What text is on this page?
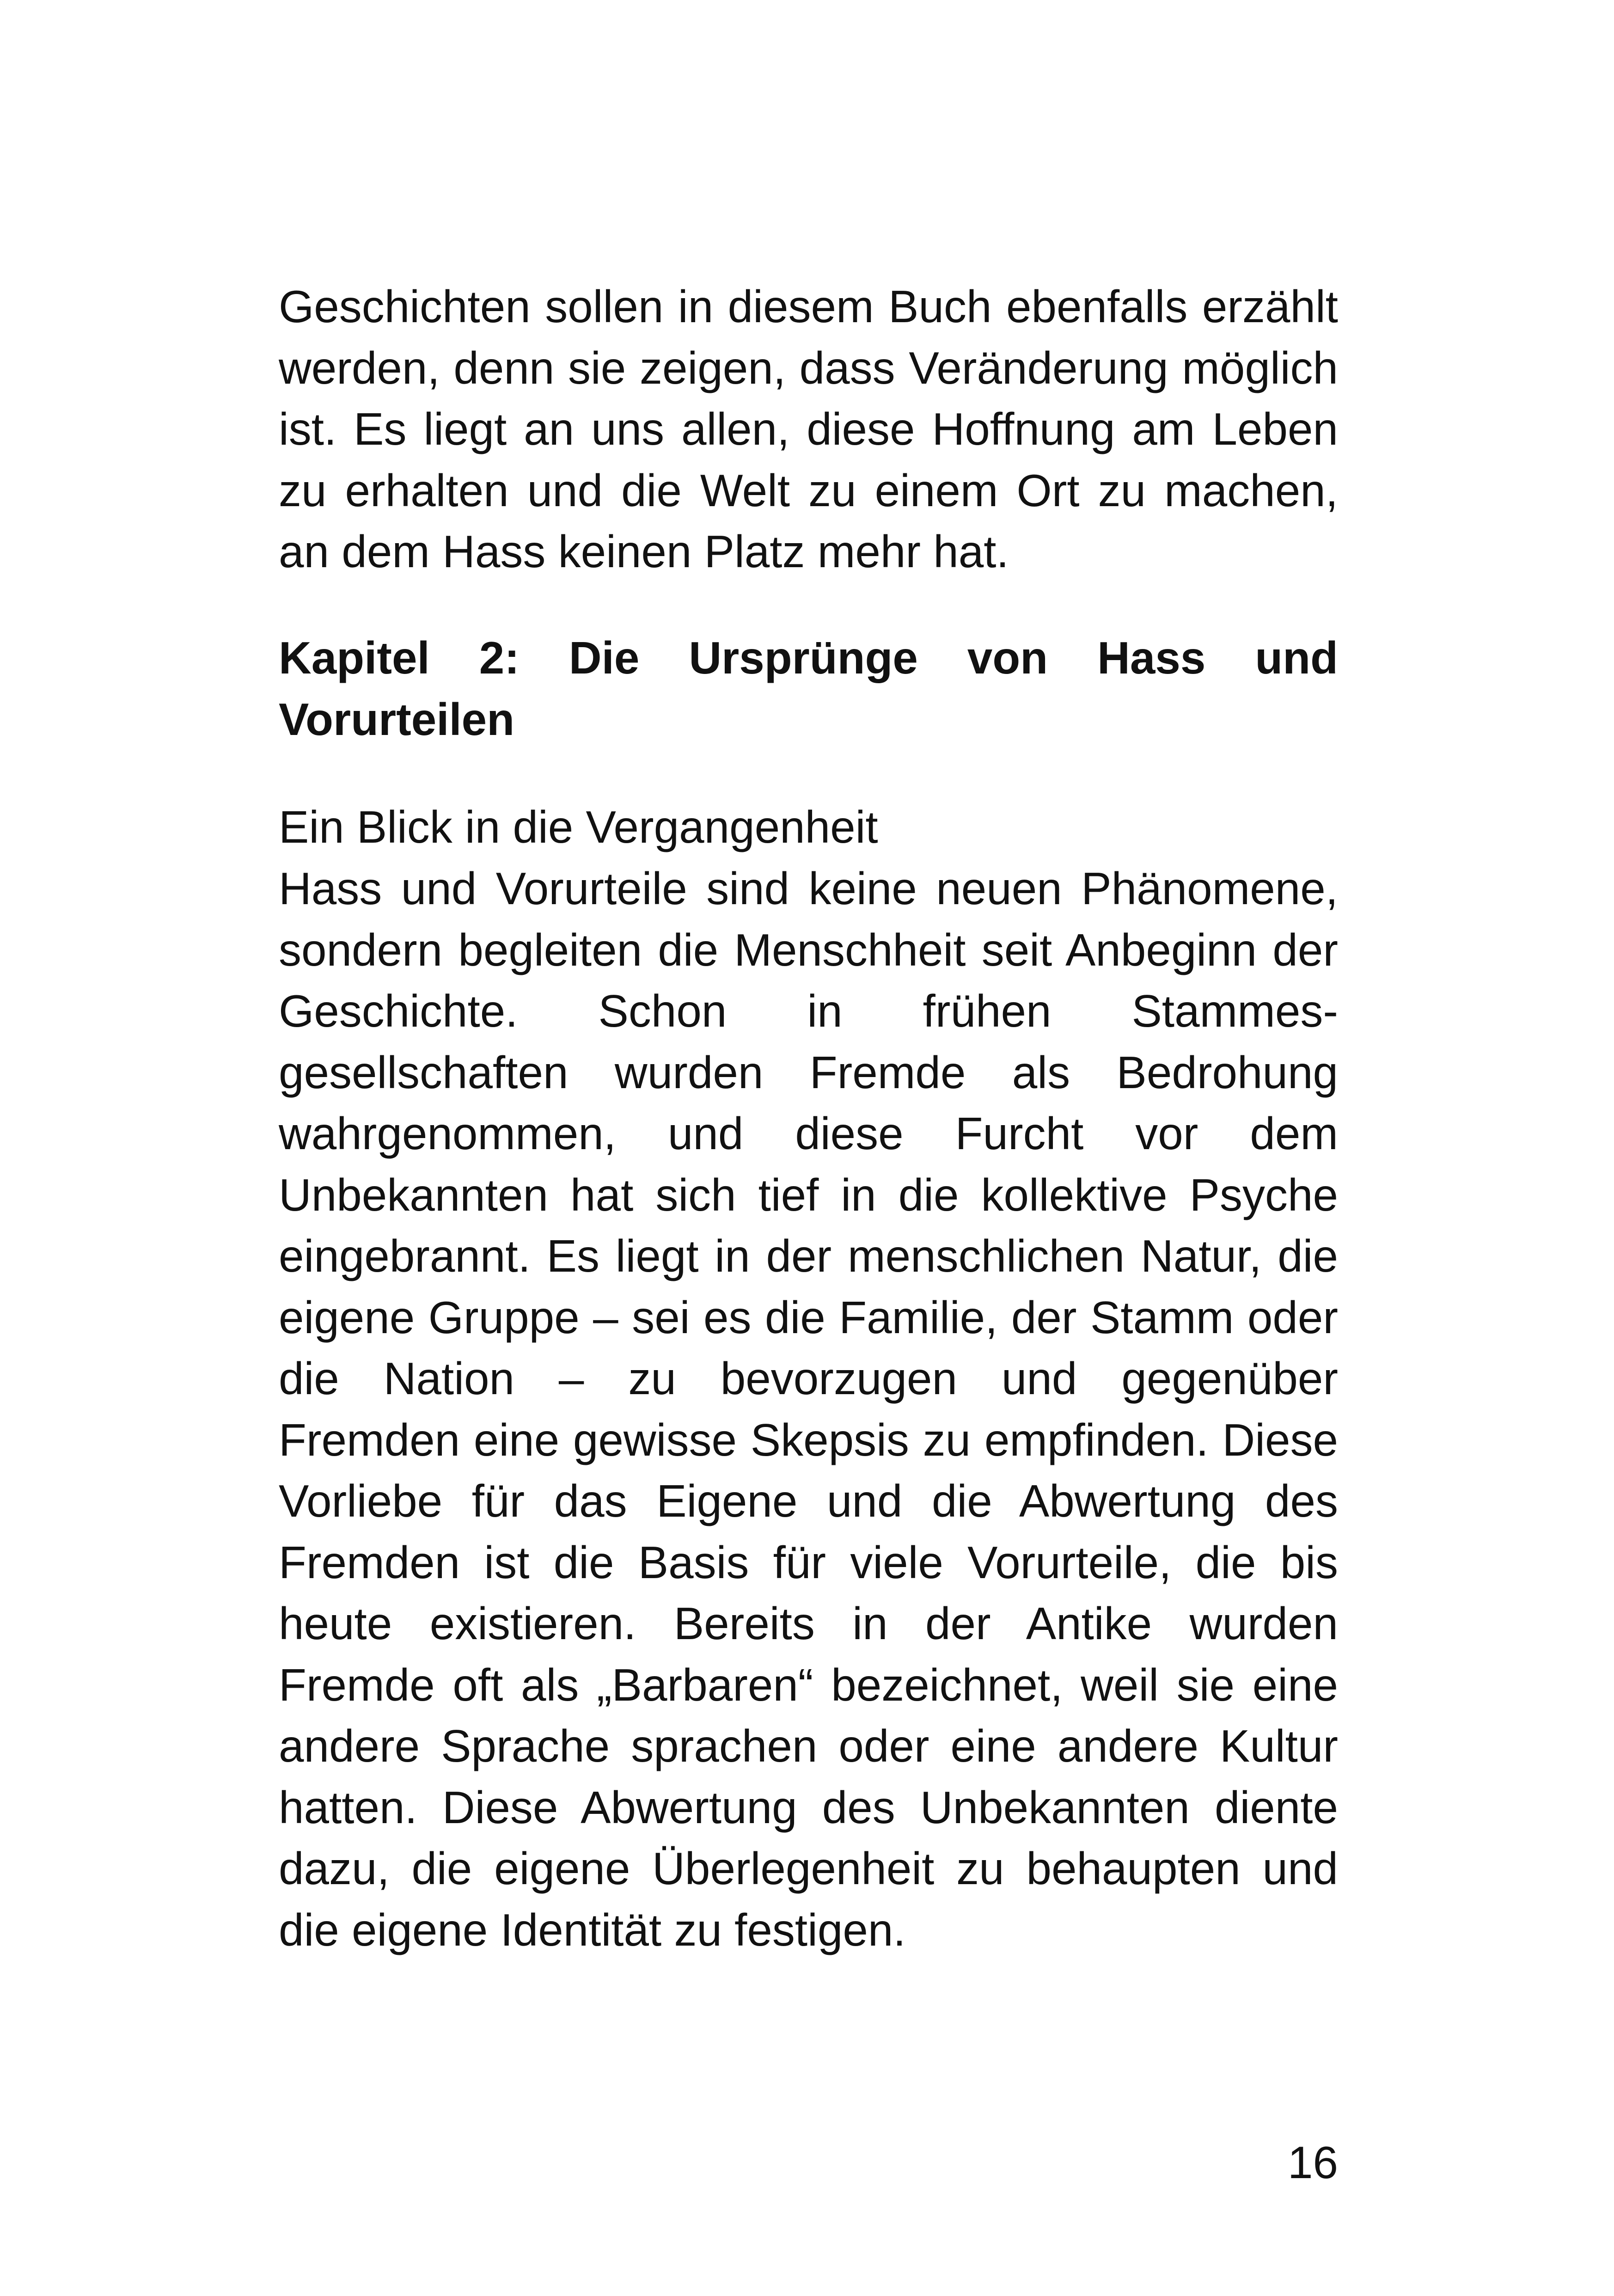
Geschichten sollen in diesem Buch ebenfalls erzählt werden, denn sie zeigen, dass Veränderung möglich ist. Es liegt an uns allen, diese Hoffnung am Leben zu erhalten und die Welt zu einem Ort zu machen, an dem Hass keinen Platz mehr hat.

Kapitel 2: Die Ursprünge von Hass und Vorurteilen

Ein Blick in die Vergangenheit

Hass und Vorurteile sind keine neuen Phänomene, sondern begleiten die Menschheit seit Anbeginn der Geschichte. Schon in frühen Stammesgesellschaften wurden Fremde als Bedrohung wahrgenommen, und diese Furcht vor dem Unbekannten hat sich tief in die kollektive Psyche eingebrannt. Es liegt in der menschlichen Natur, die eigene Gruppe – sei es die Familie, der Stamm oder die Nation – zu bevorzugen und gegenüber Fremden eine gewisse Skepsis zu empfinden. Diese Vorliebe für das Eigene und die Abwertung des Fremden ist die Basis für viele Vorurteile, die bis heute existieren. Bereits in der Antike wurden Fremde oft als „Barbaren“ bezeichnet, weil sie eine andere Sprache sprachen oder eine andere Kultur hatten. Diese Abwertung des Unbekannten diente dazu, die eigene Überlegenheit zu behaupten und die eigene Identität zu festigen.

16
